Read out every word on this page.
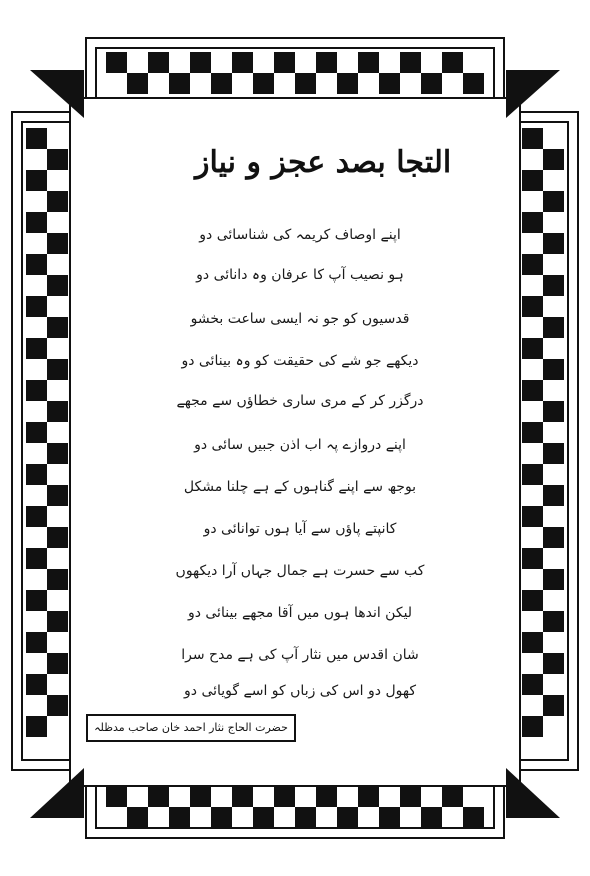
التجا بصد عجز و نیاز
اپنے اوصاف کریمہ کی شناسائی دو
ہو نصیب آپ کا عرفان وہ دانائی دو
قدسیوں کو جو نہ ایسی ساعت بخشو
دیکھے جو شے کی حقیقت کو وہ بینائی دو
درگزر کر کے مری ساری خطاؤں سے مجھے
اپنے دروازے پہ اب اذن جبیں سائی دو
بوجھ سے اپنے گناہوں کے ہے چلنا مشکل
کانپتے پاؤں سے آیا ہوں توانائی دو
کب سے حسرت ہے جمال جہاں آرا دیکھوں
لیکن اندھا ہوں میں آقا مجھے بینائی دو
شان اقدس میں نثار آپ کی ہے مدح سرا
کھول دو اس کی زباں کو اسے گویائی دو
حضرت الحاج نثار احمد خان صاحب مدظلہ
